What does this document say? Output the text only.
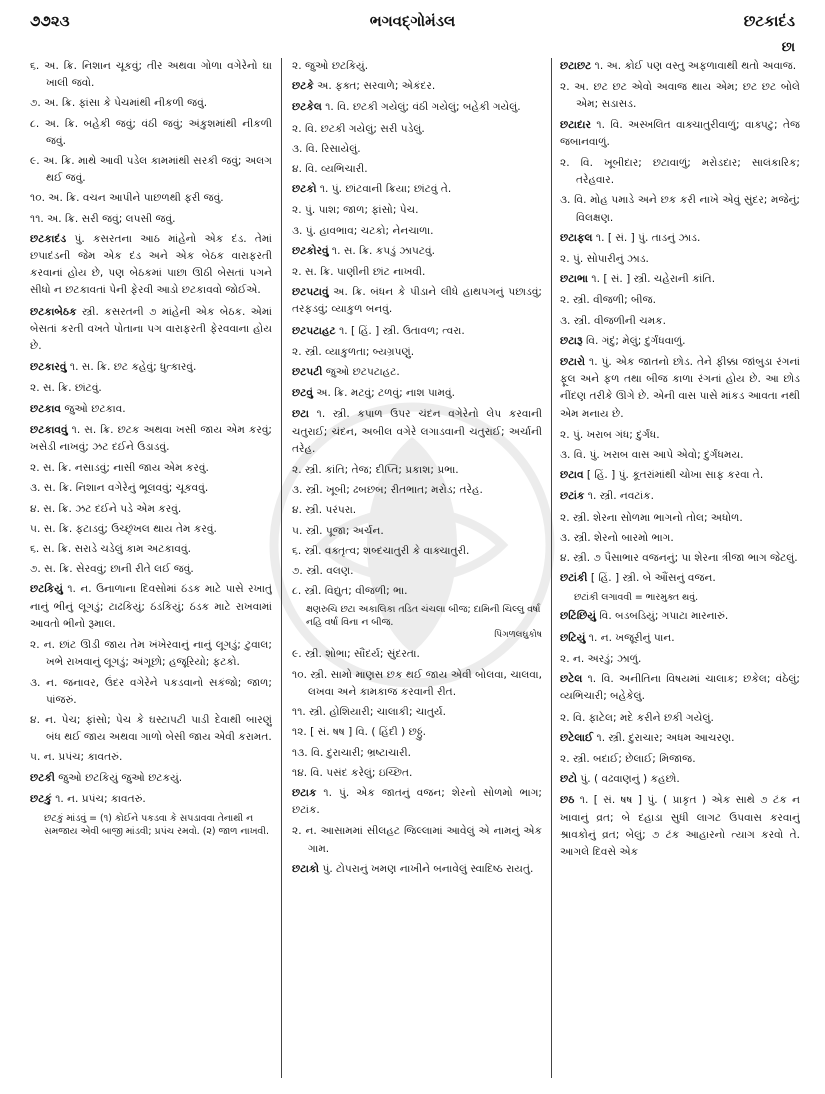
૭૭૨૩	ભગવદ્ગોમંડલ	છટકાદંડ
છા
૬. અ. ક્રિ. નિશાન ચૂકવું; તીર અથવા ગોળા વગેરેનો ઘા ખાલી જવો.
૭. અ. ક્રિ. ફાંસા કે પેચમાંથી નીકળી જવું.
૮. અ. ક્રિ. બહેકી જવું; વંઠી જવું; અંકુશમાંથી નીકળી જવું.
૯. અ. ક્રિ. માથે આવી પડેલ કામમાંથી સરકી જવું; અલગ થઈ જવું.
૧૦. અ. ક્રિ. વચન આપીને પાછળથી ફરી જવું.
૧૧. અ. ક્રિ. સરી જવું; લપસી જવું.
છટકાદંડ પું. કસરતના આઠ માંહેનો એક દંડ. તેમાં છપાદંડની જેમ એક દંડ અને એક બેઠક વારાફરતી કરવાનાં હોય છે, પણ બેઠકમાં પાછા ઊઠી બેસતાં પગને સીધો ન છટકાવતાં પેની ફેરવી આડો છટકાવવો જોઈએ.
છટકાબેઠક સ્ત્રી. કસરતની ૭ માંહેની એક બેઠક. એમાં બેસતાં કરતી વખતે પોતાના પગ વારાફરતી ફેરવવાના હોય છે.
છટકારવું ૧. સ. ક્રિ. છટ કહેવું; ધુત્કારવું.
૨. સ. ક્રિ. છાંટવું.
છટકાવ જુઓ છટકાવ.
છટકાવવું ૧. સ. ક્રિ. છટક અથવા ખસી જાય એમ કરવું; ખસેડી નાખવું; ઝટ દઈને ઉડાડવું.
૨. સ. ક્રિ. નસાડવું; નાસી જાય એમ કરવું.
૩. સ. ક્રિ. નિશાન વગેરેનું ભૂલવવું; ચૂકવવું.
૪. સ. ક્રિ. ઝટ દઈને પડે એમ કરવું.
૫. સ. ક્રિ. ફટાડવું; ઉચ્છૃંખલ થાય તેમ કરવું.
૬. સ. ક્રિ. સરાડે ચડેલું કામ અટકાવવું.
૭. સ. ક્રિ. સેરવવું; છાની રીતે લઈ જવું.
છટકિયું ૧. ન. ઉનાળાના દિવસોમાં ઠંડક માટે પાસે રખાતું નાનું ભીનું લૂગડું; ટાઢકિયું; ઠંડકિયું; ઠંડક માટે રાખવામાં આવતો ભીનો રૂમાલ.
૨. ન. છાંટ ઊડી જાય તેમ ખંખેરવાનું નાનું લૂગડું; ટુવાલ; ખભે રાખવાનું લૂગડું; અંગૂછો; હજૂરિયો; ફટકો.
૩. ન. જનાવર, ઉંદર વગેરેને પકડવાનો સકંજો; જાળ; પાંજરું.
૪. ન. પેચ; ફાંસો; પેચ કે ઘસ્ટાપટી પાડી દેવાથી બારણું બંધ થઈ જાય અથવા ગાળો બેસી જાય એવી કરામત.
૫. ન. પ્રપંચ; કાવતરું.
છટકી જુઓ છટકિયું જુઓ છટકયું.
છટકું ૧. ન. પ્રપંચ; કાવતરું.
છટકું માંડવું = (૧) કોઈને પકડવા કે સપડાવવા તેનાથી ન સમજાય એવી બાજી માંડવી; પ્રપંચ રમવો. (૨) જાળ નાખવી.
૨. જુઓ છટકિયું.
છટકે અ. ફક્ત; સરવાળે; એકંદર.
છટકેલ ૧. વિ. છટકી ગયેલું; વંઠી ગયેલું; બહેકી ગયેલું.
૨. વિ. છટકી ગયેલું; સરી પડેલું.
૩. વિ. રિસાયેલું.
૪. વિ. વ્યભિચારી.
છટકો ૧. પું. છાંટવાની ક્રિયા; છાંટવું તે.
૨. પું. પાશ; જાળ; ફાંસો; પેચ.
૩. પું. હાવભાવ; ચટકો; નેનચાળા.
છટકોરવું ૧. સ. ક્રિ. કપડું ઝાપટવું.
૨. સ. ક્રિ. પાણીની છાંટ નાખવી.
છટપટાવું અ. ક્રિ. બંધન કે પીડાને લીધે હાથપગનું પછાડવું; તરફડવું; વ્યાકુળ બનવું.
છટપટાહટ ૧. [ હિં. ] સ્ત્રી. ઉતાવળ; ત્વરા.
૨. સ્ત્રી. વ્યાકુળતા; બ્યગ્રપણું.
છટપટી જુઓ છટપટાહટ.
છટવું અ. ક્રિ. મટવું; ટળવું; નાશ પામવું.
છટા ૧. સ્ત્રી. કપાળ ઉપર ચંદન વગેરેનો લેપ કરવાની ચતુરાઈ; ચંદન, અબીલ વગેરે લગાડવાની ચતુરાઈ; અર્ચાની તરેહ.
૨. સ્ત્રી. કાંતિ; તેજ; દીપ્તિ; પ્રકાશ; પ્રભા.
૩. સ્ત્રી. ખૂબી; ઢબછબ; રીતભાત; મરોડ; તરેહ.
૪. સ્ત્રી. પરંપરા.
૫. સ્ત્રી. પૂજા; અર્ચન.
૬. સ્ત્રી. વક્તૃત્વ; શબ્દચાતુરી કે વાક્ચાતુરી.
૭. સ્ત્રી. વલણ.
૮. સ્ત્રી. વિદ્યુત; વીજળી; ભા.
ક્ષણરુચિ છટા અકાલિકા તડિત ચંચલા બીજ; દામિની ચિલ્લુ વર્ષા નહિ વર્ષા વિના ન બીજ.
પિંગળલઘુકોષ
૯. સ્ત્રી. શોભા; સૌંદર્ય; સુંદરતા.
૧૦. સ્ત્રી. સામો માણસ છક થઈ જાય એવી બોલવા, ચાલવા, લખવા અને કામકાજ કરવાની રીત.
૧૧. સ્ત્રી. હોશિયારી; ચાલાકી; ચાતુર્ય.
૧૨. [ સં. ષષ ] વિ. ( હિંદી ) છઠ્ઠું.
૧૩. વિ. દુરાચારી; ભ્રષ્ટાચારી.
૧૪. વિ. પસંદ કરેલું; ઇચ્છિત.
છટાક ૧. પું. એક જાતનું વજન; શેરનો સોળમો ભાગ; છટાંક.
૨. ન. આસામમાં સીલહટ જિલ્લામાં આવેલું એ નામનું એક ગામ.
છટાકો પું. ટોપરાનું ખમણ નાખીને બનાવેલું સ્વાદિષ્ઠ રાયતું.
છટાછટ ૧. અ. કોઈ પણ વસ્તુ અફળાવાથી થતો અવાજ.
૨. અ. છટ છટ એવો અવાજ થાય એમ; છટ છટ બોલે એમ; સડાસડ.
છટાદાર ૧. વિ. અસ્ખલિત વાક્ચાતુરીવાળું; વાક્પટુ; તેજ જબાનવાળું.
૨. વિ. ખૂબીદાર; છટાવાળું; મરોડદાર; સાલંકારિક; તરેહવાર.
૩. વિ. મોહ પમાડે અને છક કરી નાખે એવું સુંદર; મજેનું; વિલક્ષણ.
છટાફલ ૧. [ સં. ] પું. તાડનું ઝાડ.
૨. પું. સોપારીનું ઝાડ.
છટાભા ૧. [ સં. ] સ્ત્રી. ચહેરાની કાંતિ.
૨. સ્ત્રી. વીજળી; બીજ.
૩. સ્ત્રી. વીજળીની ચમક.
છટારૂ વિ. ગંદું; મેલું; દુર્ગંધવાળું.
છટારો ૧. પું. એક જાતનો છોડ. તેને ફીક્કા જાંબુડા રંગનાં ફૂલ અને ફળ તથા બીજ કાળા રંગનાં હોય છે. આ છોડ નીંદણ તરીકે ઊગે છે. એની વાસ પાસે માંકડ આવતા નથી એમ મનાય છે.
૨. પું. ખરાબ ગંધ; દુર્ગંધ.
૩. વિ. પું. ખરાબ વાસ આપે એવો; દુર્ગંધમય.
છટાવ [ હિં. ] પું. કૂતરાંમાંથી ચોખા સાફ કરવા તે.
છટાંક ૧. સ્ત્રી. નવટાંક.
૨. સ્ત્રી. શેરના સોળમા ભાગનો તોલ; અધોળ.
૩. સ્ત્રી. શેરનો બારમો ભાગ.
૪. સ્ત્રી. ૭ પૈસાભાર વજનનું; પા શેરના ત્રીજા ભાગ જેટલું.
છટાંકી [ હિં. ] સ્ત્રી. બે ઔંસનું વજન.
છટાંકી લગાવવી = ભારમુક્ત થવું.
છટિંછિયું વિ. બડબડિયું; ગપાટા મારનારું.
છટિયું ૧. ન. ખજૂરીનું પાન.
૨. ન. અરડું; ઝાળું.
છટેલ ૧. વિ. અનીતિના વિષયમાં ચાલાક; છકેલ; વંઠેલું; વ્યભિચારી; બહેકેલું.
૨. વિ. ફાટેલ; મદે કરીને છકી ગયેલું.
છટેલાઈ ૧. સ્ત્રી. દુરાચાર; અધમ આચરણ.
૨. સ્ત્રી. બદાઈ; છેલાઈ; મિજાજ.
છટો પું. ( વઢવાણનું ) કહછો.
છઠ ૧. [ સં. ષષ ] પું. ( પ્રાકૃત ) એક સાથે ૭ ટંક ન ખાવાનું વ્રત; બે દહાડા સુધી લાગટ ઉપવાસ કરવાનું શ્રાવકોનું વ્રત; બેલું; ૭ ટંક આહારનો ત્યાગ કરવો તે. આગલે દિવસે એક
